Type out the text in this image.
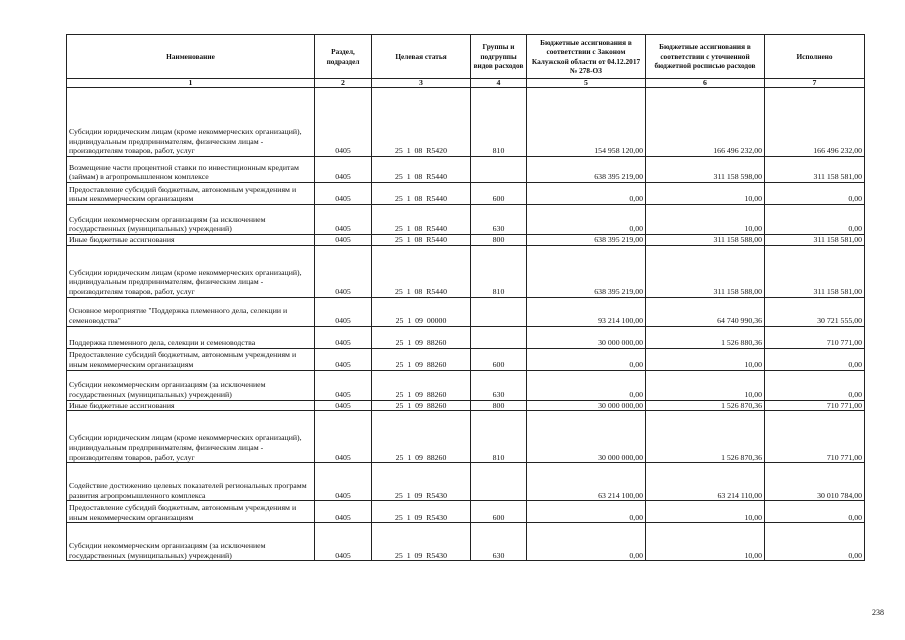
Наименование	Раздел, подраздел	Целевая статья	Группы и подгруппы видов расходов	Бюджетные ассигнования в соответствии с Законом Калужской области от 04.12.2017 № 278-ОЗ	Бюджетные ассигнования в соответствии с уточненной бюджетной росписью расходов	Исполнено
1	2	3	4	5	6	7
Субсидии юридическим лицам (кроме некоммерческих организаций), индивидуальным предпринимателям, физическим лицам - производителям товаров, работ, услуг	0405	25  1  08  R5420	810	154 958 120,00	166 496 232,00	166 496 232,00
Возмещение части процентной ставки по инвестиционным кредитам (займам) в агропромышленном комплексе	0405	25  1  08  R5440		638 395 219,00	311 158 598,00	311 158 581,00
Предоставление субсидий бюджетным, автономным учреждениям и иным некоммерческим организациям	0405	25  1  08  R5440	600	0,00	10,00	0,00
Субсидии некоммерческим организациям (за исключением государственных (муниципальных) учреждений)	0405	25  1  08  R5440	630	0,00	10,00	0,00
Иные бюджетные ассигнования	0405	25  1  08  R5440	800	638 395 219,00	311 158 588,00	311 158 581,00
Субсидии юридическим лицам (кроме некоммерческих организаций), индивидуальным предпринимателям, физическим лицам - производителям товаров, работ, услуг	0405	25  1  08  R5440	810	638 395 219,00	311 158 588,00	311 158 581,00
Основное мероприятие "Поддержка племенного дела, селекции и семеноводства"	0405	25  1  09  00000		93 214 100,00	64 740 990,36	30 721 555,00
Поддержка племенного дела, селекции и семеноводства	0405	25  1  09  88260		30 000 000,00	1 526 880,36	710 771,00
Предоставление субсидий бюджетным, автономным учреждениям и иным некоммерческим организациям	0405	25  1  09  88260	600	0,00	10,00	0,00
Субсидии некоммерческим организациям (за исключением государственных (муниципальных) учреждений)	0405	25  1  09  88260	630	0,00	10,00	0,00
Иные бюджетные ассигнования	0405	25  1  09  88260	800	30 000 000,00	1 526 870,36	710 771,00
Субсидии юридическим лицам (кроме некоммерческих организаций), индивидуальным предпринимателям, физическим лицам - производителям товаров, работ, услуг	0405	25  1  09  88260	810	30 000 000,00	1 526 870,36	710 771,00
Содействие достижению целевых показателей региональных программ развития агропромышленного комплекса	0405	25  1  09  R5430		63 214 100,00	63 214 110,00	30 010 784,00
Предоставление субсидий бюджетным, автономным учреждениям и иным некоммерческим организациям	0405	25  1  09  R5430	600	0,00	10,00	0,00
Субсидии некоммерческим организациям (за исключением государственных (муниципальных) учреждений)	0405	25  1  09  R5430	630	0,00	10,00	0,00
238
